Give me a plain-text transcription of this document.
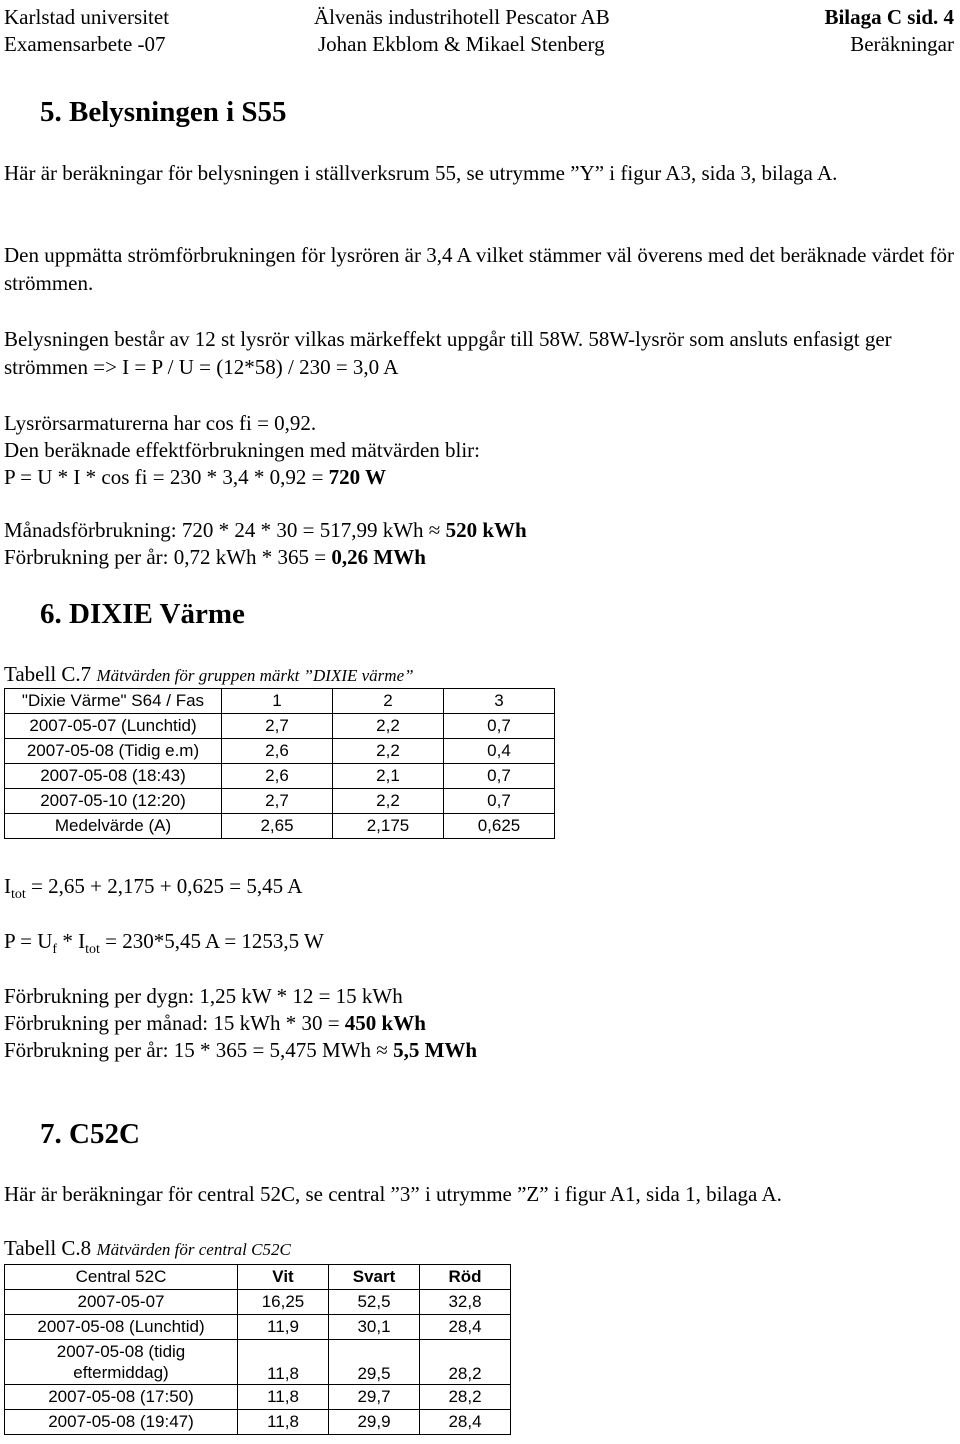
Karlstad universitet
Examensarbete -07
Älvenäs industrihotell Pescator AB
Johan Ekblom & Mikael Stenberg
Bilaga C sid. 4
Beräkningar
5. Belysningen i S55
Här är beräkningar för belysningen i ställverksrum 55, se utrymme ”Y” i figur A3, sida 3, bilaga A.
Den uppmätta strömförbrukningen för lysrören är 3,4 A vilket stämmer väl överens med det beräknade värdet för strömmen.
Belysningen består av 12 st lysrör vilkas märkeffekt uppgår till 58W. 58W-lysrör som ansluts enfasigt ger strömmen => I = P / U = (12*58) / 230 = 3,0 A
Lysrörsarmaturerna har cos fi = 0,92.
Den beräknade effektförbrukningen med mätvärden blir:
P = U * I * cos fi = 230 * 3,4 * 0,92 = 720 W
Månadsförbrukning: 720 * 24 * 30 = 517,99 kWh ≈ 520 kWh
Förbrukning per år: 0,72 kWh * 365 = 0,26 MWh
6. DIXIE Värme
Tabell C.7 Mätvärden för gruppen märkt ”DIXIE värme”
"Dixie Värme" S64 / Fas	1	2	3
2007-05-07 (Lunchtid)	2,7	2,2	0,7
2007-05-08 (Tidig e.m)	2,6	2,2	0,4
2007-05-08 (18:43)	2,6	2,1	0,7
2007-05-10 (12:20)	2,7	2,2	0,7
Medelvärde (A)	2,65	2,175	0,625
$I_{tot} = 2,65 + 2,175 + 0,625 = 5,45$ A
$P = U_f * I_{tot} = 230*5,45$ A = 1253,5 W
Förbrukning per dygn: 1,25 kW * 12 = 15 kWh
Förbrukning per månad: 15 kWh * 30 = 450 kWh
Förbrukning per år: 15 * 365 = 5,475 MWh ≈ 5,5 MWh
7. C52C
Här är beräkningar för central 52C, se central ”3” i utrymme ”Z” i figur A1, sida 1, bilaga A.
Tabell C.8 Mätvärden för central C52C
Central 52C	Vit	Svart	Röd
2007-05-07	16,25	52,5	32,8
2007-05-08 (Lunchtid)	11,9	30,1	28,4
2007-05-08 (tidig eftermiddag)	11,8	29,5	28,2
2007-05-08 (17:50)	11,8	29,7	28,2
2007-05-08 (19:47)	11,8	29,9	28,4
